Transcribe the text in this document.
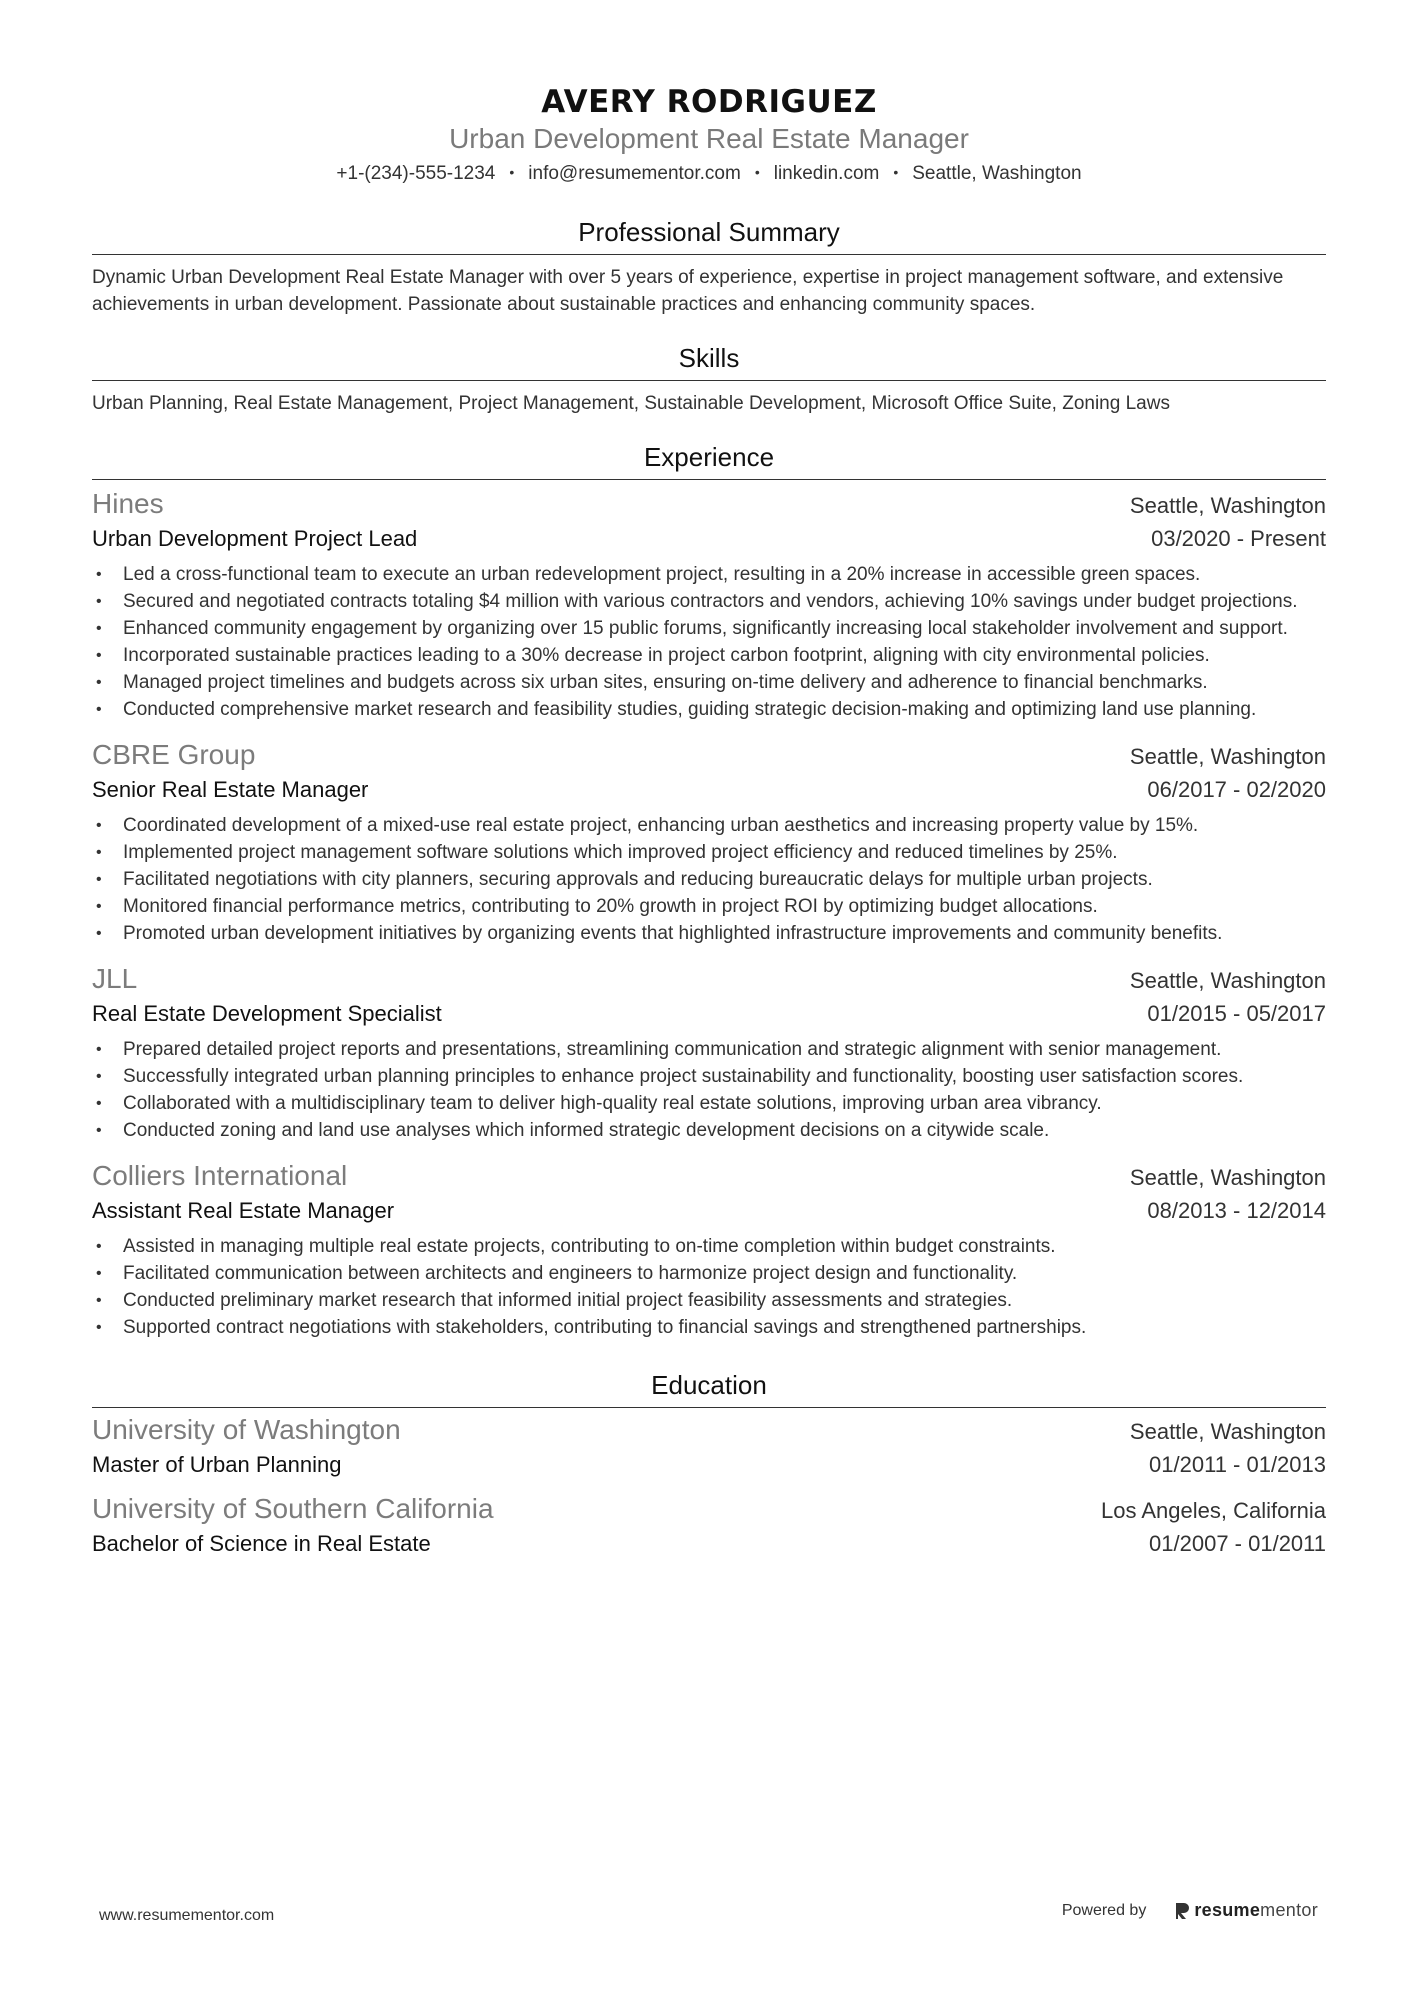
AVERY RODRIGUEZ
Urban Development Real Estate Manager
+1-(234)-555-1234 • info@resumementor.com • linkedin.com • Seattle, Washington
Professional Summary
Dynamic Urban Development Real Estate Manager with over 5 years of experience, expertise in project management software, and extensive achievements in urban development. Passionate about sustainable practices and enhancing community spaces.
Skills
Urban Planning, Real Estate Management, Project Management, Sustainable Development, Microsoft Office Suite, Zoning Laws
Experience
Hines	Seattle, Washington
Urban Development Project Lead	03/2020 - Present
• Led a cross-functional team to execute an urban redevelopment project, resulting in a 20% increase in accessible green spaces.
• Secured and negotiated contracts totaling $4 million with various contractors and vendors, achieving 10% savings under budget projections.
• Enhanced community engagement by organizing over 15 public forums, significantly increasing local stakeholder involvement and support.
• Incorporated sustainable practices leading to a 30% decrease in project carbon footprint, aligning with city environmental policies.
• Managed project timelines and budgets across six urban sites, ensuring on-time delivery and adherence to financial benchmarks.
• Conducted comprehensive market research and feasibility studies, guiding strategic decision-making and optimizing land use planning.
CBRE Group	Seattle, Washington
Senior Real Estate Manager	06/2017 - 02/2020
• Coordinated development of a mixed-use real estate project, enhancing urban aesthetics and increasing property value by 15%.
• Implemented project management software solutions which improved project efficiency and reduced timelines by 25%.
• Facilitated negotiations with city planners, securing approvals and reducing bureaucratic delays for multiple urban projects.
• Monitored financial performance metrics, contributing to 20% growth in project ROI by optimizing budget allocations.
• Promoted urban development initiatives by organizing events that highlighted infrastructure improvements and community benefits.
JLL	Seattle, Washington
Real Estate Development Specialist	01/2015 - 05/2017
• Prepared detailed project reports and presentations, streamlining communication and strategic alignment with senior management.
• Successfully integrated urban planning principles to enhance project sustainability and functionality, boosting user satisfaction scores.
• Collaborated with a multidisciplinary team to deliver high-quality real estate solutions, improving urban area vibrancy.
• Conducted zoning and land use analyses which informed strategic development decisions on a citywide scale.
Colliers International	Seattle, Washington
Assistant Real Estate Manager	08/2013 - 12/2014
• Assisted in managing multiple real estate projects, contributing to on-time completion within budget constraints.
• Facilitated communication between architects and engineers to harmonize project design and functionality.
• Conducted preliminary market research that informed initial project feasibility assessments and strategies.
• Supported contract negotiations with stakeholders, contributing to financial savings and strengthened partnerships.
Education
University of Washington	Seattle, Washington
Master of Urban Planning	01/2011 - 01/2013
University of Southern California	Los Angeles, California
Bachelor of Science in Real Estate	01/2007 - 01/2011
www.resumementor.com	Powered by	resumementor
